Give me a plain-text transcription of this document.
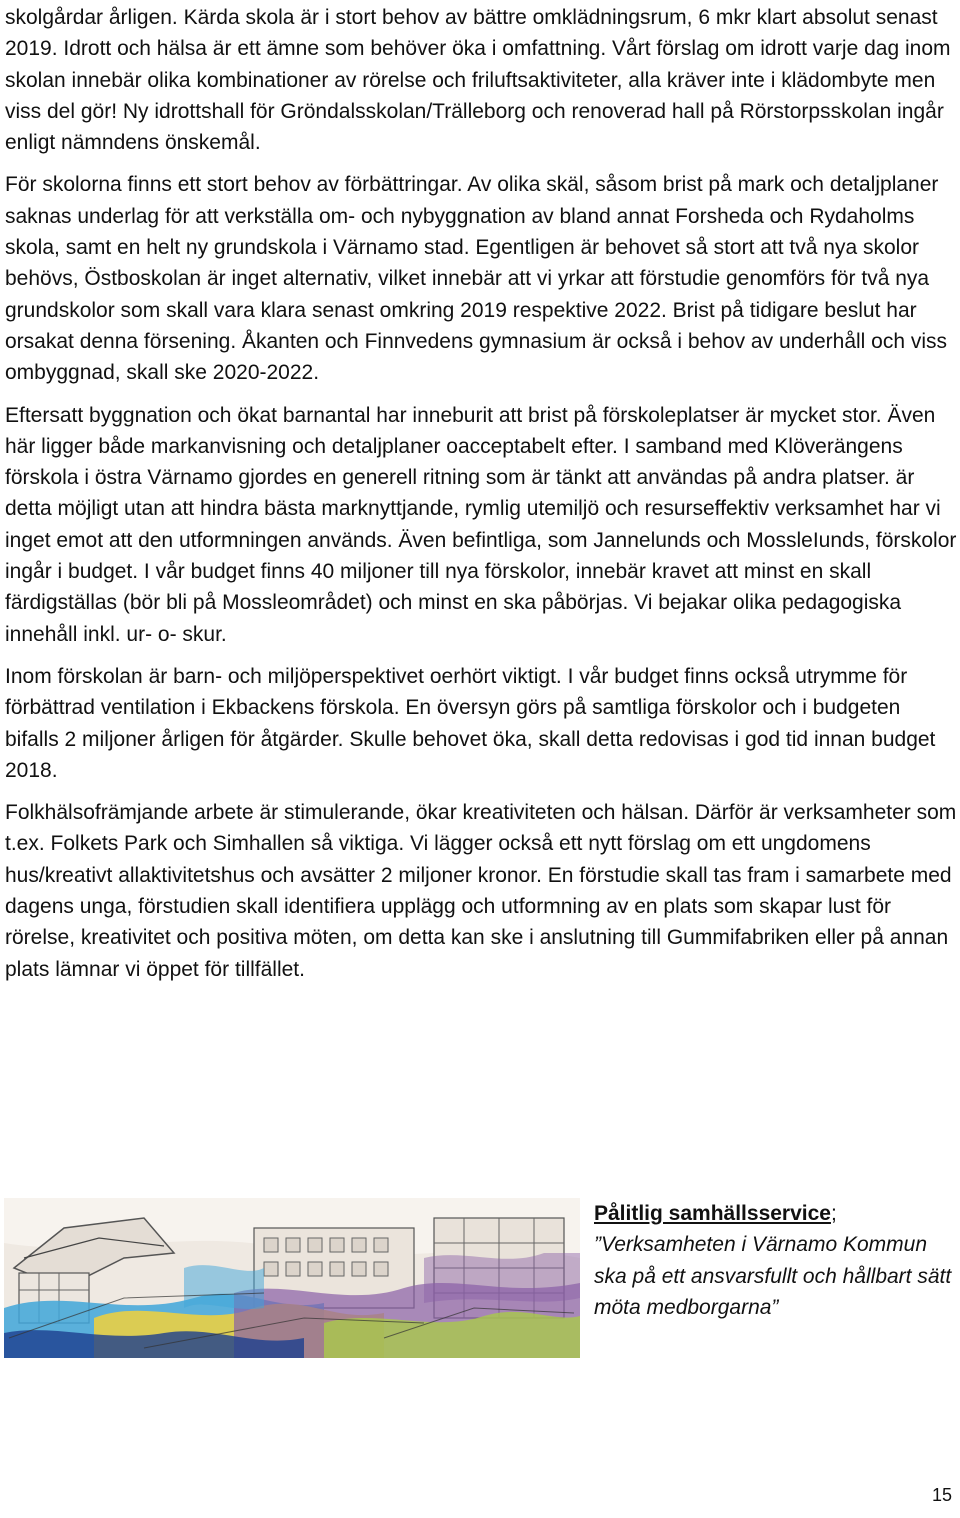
skolgårdar årligen. Kärda skola är i stort behov av bättre omklädningsrum, 6 mkr klart absolut senast 2019. Idrott och hälsa är ett ämne som behöver öka i omfattning. Vårt förslag om idrott varje dag inom skolan innebär olika kombinationer av rörelse och friluftsaktiviteter, alla kräver inte i klädombyte men viss del gör! Ny idrottshall för Gröndalsskolan/Trälleborg och renoverad hall på Rörstorpsskolan ingår enligt nämndens önskemål.

För skolorna finns ett stort behov av förbättringar. Av olika skäl, såsom brist på mark och detaljplaner saknas underlag för att verkställa om- och nybyggnation av bland annat Forsheda och Rydaholms skola, samt en helt ny grundskola i Värnamo stad. Egentligen är behovet så stort att två nya skolor behövs, Östboskolan är inget alternativ, vilket innebär att vi yrkar att förstudie genomförs för två nya grundskolor som skall vara klara senast omkring 2019 respektive 2022. Brist på tidigare beslut har orsakat denna försening. Åkanten och Finnvedens gymnasium är också i behov av underhåll och viss ombyggnad, skall ske 2020-2022.

Eftersatt byggnation och ökat barnantal har inneburit att brist på förskoleplatser är mycket stor. Även här ligger både markanvisning och detaljplaner oacceptabelt efter. I samband med Klöverängens förskola i östra Värnamo gjordes en generell ritning som är tänkt att användas på andra platser. är detta möjligt utan att hindra bästa marknyttjande, rymlig utemiljö och resurseffektiv verksamhet har vi inget emot att den utformningen används. Även befintliga, som Jannelunds och MossleIunds, förskolor ingår i budget. I vår budget finns 40 miljoner till nya förskolor, innebär kravet att minst en skall färdigställas (bör bli på Mossleområdet) och minst en ska påbörjas. Vi bejakar olika pedagogiska innehåll inkl. ur- o- skur.

Inom förskolan är barn- och miljöperspektivet oerhört viktigt. I vår budget finns också utrymme för förbättrad ventilation i Ekbackens förskola. En översyn görs på samtliga förskolor och i budgeten bifalls 2 miljoner årligen för åtgärder. Skulle behovet öka, skall detta redovisas i god tid innan budget 2018.

Folkhälsofrämjande arbete är stimulerande, ökar kreativiteten och hälsan. Därför är verksamheter som t.ex. Folkets Park och Simhallen så viktiga. Vi lägger också ett nytt förslag om ett ungdomens hus/kreativt allaktivitetshus och avsätter 2 miljoner kronor. En förstudie skall tas fram i samarbete med dagens unga, förstudien skall identifiera upplägg och utformning av en plats som skapar lust för rörelse, kreativitet och positiva möten, om detta kan ske i anslutning till Gummifabriken eller på annan plats lämnar vi öppet för tillfället.

Pålitlig samhällsservice;
”Verksamheten i Värnamo Kommun ska på ett ansvarsfullt och hållbart sätt möta medborgarna”
15
